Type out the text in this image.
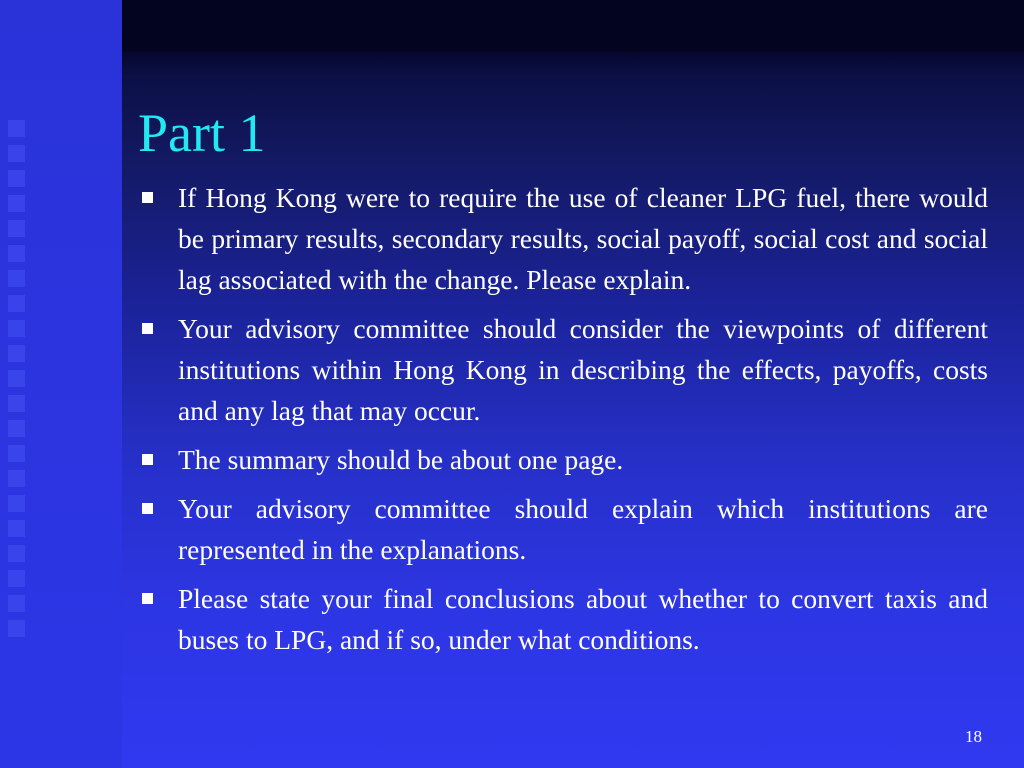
Part 1
If Hong Kong were to require the use of cleaner LPG fuel, there would be primary results, secondary results, social payoff, social cost and social lag associated with the change. Please explain.
Your advisory committee should consider the viewpoints of different institutions within Hong Kong in describing the effects, payoffs, costs and any lag that may occur.
The summary should be about one page.
Your advisory committee should explain which institutions are represented in the explanations.
Please state your final conclusions about whether to convert taxis and buses to LPG, and if so, under what conditions.
18
